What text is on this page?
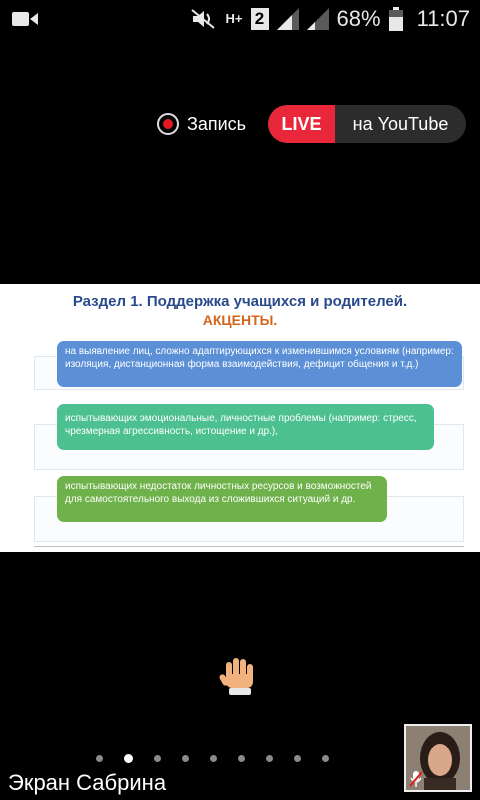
H+ 2	68% 11:07
Запись	LIVE	на YouTube
Раздел 1. Поддержка учащихся и родителей.
АКЦЕНТЫ.
на выявление лиц, сложно адаптирующихся к изменившимся условиям (например: изоляция, дистанционная форма взаимодействия, дефицит общения и т.д.)
испытывающих эмоциональные, личностные проблемы (например: стресс, чрезмерная агрессивность, истощение и др.),
испытывающих недостаток личностных ресурсов и возможностей для самостоятельного выхода из сложившихся ситуаций и др.
Экран Сабрина
